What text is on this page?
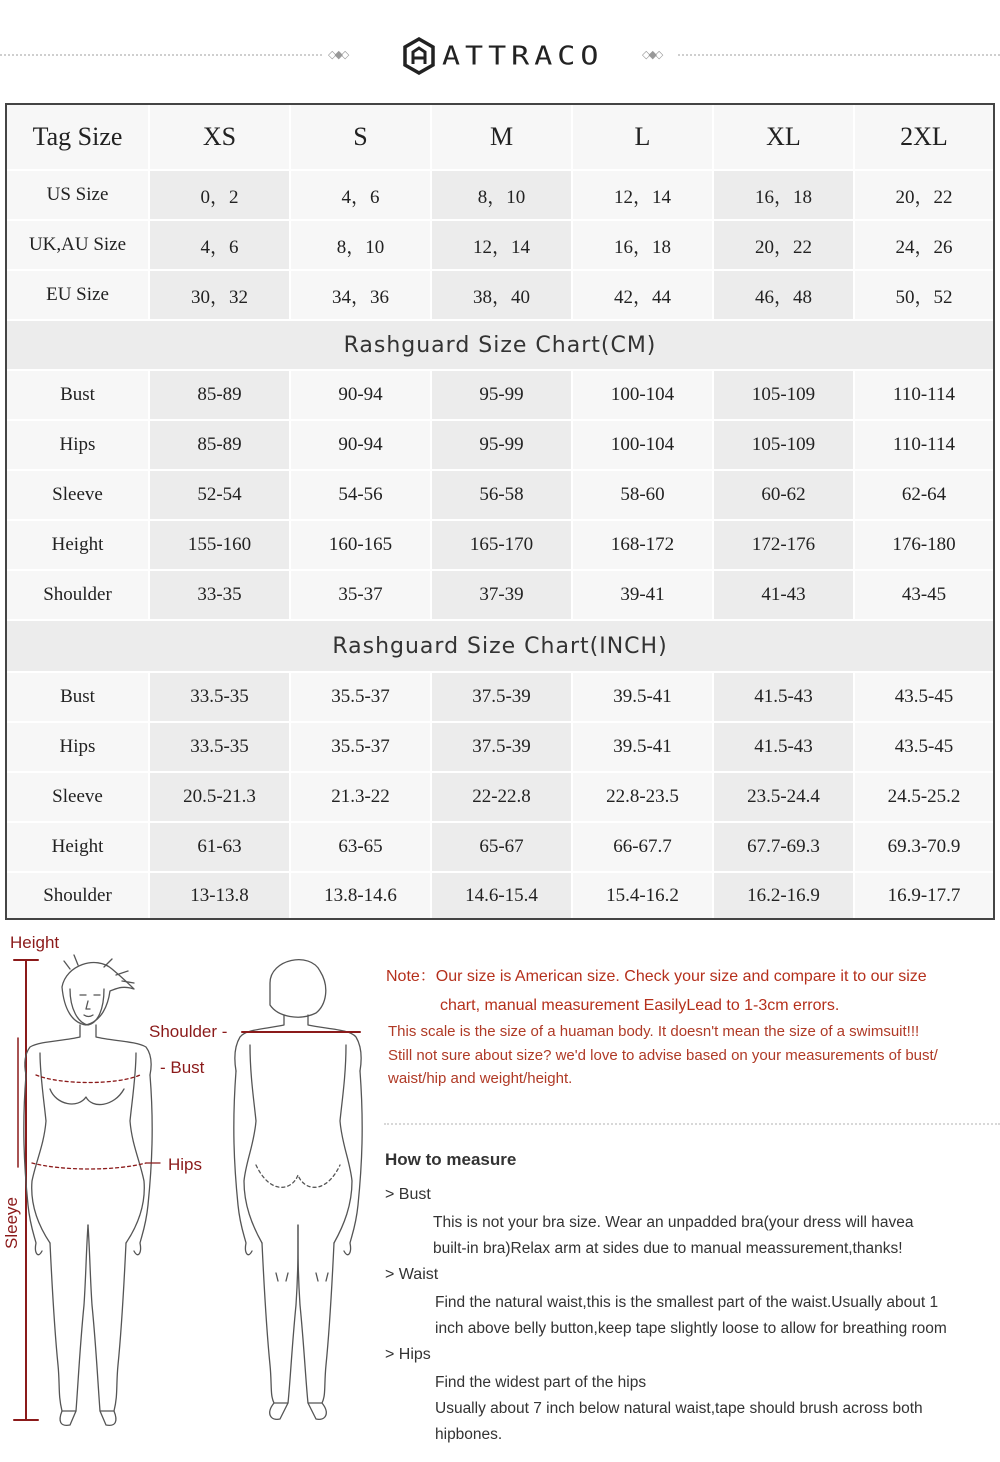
◇◆◇	ATTRACO	◇◆◇
Tag Size	XS	S	M	L	XL	2XL
US Size	0，2	4，6	8，10	12，14	16，18	20，22
UK,AU Size	4，6	8，10	12，14	16，18	20，22	24，26
EU Size	30，32	34，36	38，40	42，44	46，48	50，52
Rashguard Size Chart(CM)
Bust	85-89	90-94	95-99	100-104	105-109	110-114
Hips	85-89	90-94	95-99	100-104	105-109	110-114
Sleeve	52-54	54-56	56-58	58-60	60-62	62-64
Height	155-160	160-165	165-170	168-172	172-176	176-180
Shoulder	33-35	35-37	37-39	39-41	41-43	43-45
Rashguard Size Chart(INCH)
Bust	33.5-35	35.5-37	37.5-39	39.5-41	41.5-43	43.5-45
Hips	33.5-35	35.5-37	37.5-39	39.5-41	41.5-43	43.5-45
Sleeve	20.5-21.3	21.3-22	22-22.8	22.8-23.5	23.5-24.4	24.5-25.2
Height	61-63	63-65	65-67	66-67.7	67.7-69.3	69.3-70.9
Shoulder	13-13.8	13.8-14.6	14.6-15.4	15.4-16.2	16.2-16.9	16.9-17.7
Height
Shoulder -
- Bust
Hips
Sleeye
Note：Our size is American size. Check your size and compare it to our size
chart, manual measurement EasilyLead to 1-3cm errors.
This scale is the size of a huaman body. It doesn't mean the size of a swimsuit!!!
Still not sure about size? we'd love to advise based on your measurements of bust/
waist/hip and weight/height.
How to measure
> Bust
This is not your bra size. Wear an unpadded bra(your dress will havea
built-in bra)Relax arm at sides due to manual meassurement,thanks!
> Waist
Find the natural waist,this is the smallest part of the waist.Usually about 1
inch above belly button,keep tape slightly loose to allow for breathing room
> Hips
Find the widest part of the hips
Usually about 7 inch below natural waist,tape should brush across both
hipbones.
